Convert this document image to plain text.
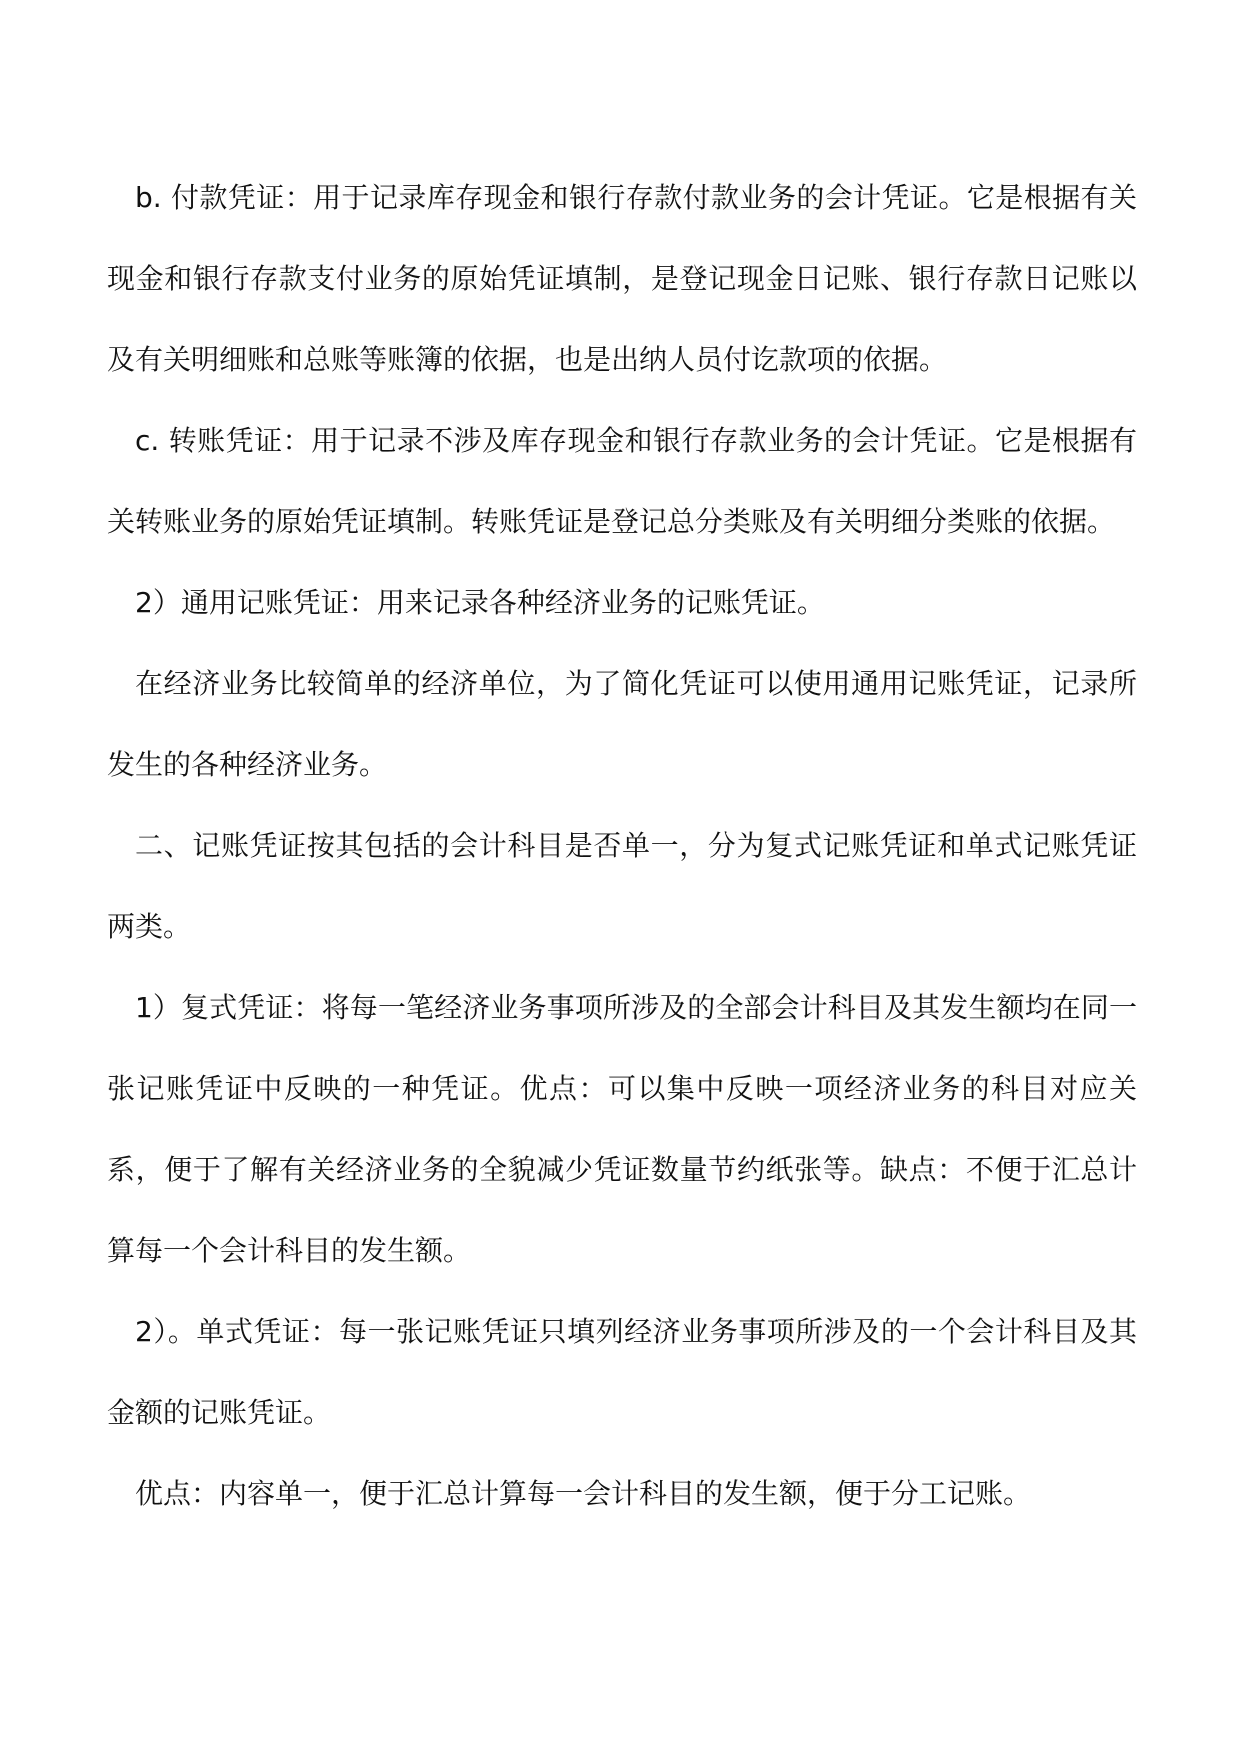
b. 付款凭证：用于记录库存现金和银行存款付款业务的会计凭证。它是根据有关现金和银行存款支付业务的原始凭证填制，是登记现金日记账、银行存款日记账以及有关明细账和总账等账簿的依据，也是出纳人员付讫款项的依据。

c. 转账凭证：用于记录不涉及库存现金和银行存款业务的会计凭证。它是根据有关转账业务的原始凭证填制。转账凭证是登记总分类账及有关明细分类账的依据。

2）通用记账凭证：用来记录各种经济业务的记账凭证。

在经济业务比较简单的经济单位，为了简化凭证可以使用通用记账凭证，记录所发生的各种经济业务。

二、记账凭证按其包括的会计科目是否单一，分为复式记账凭证和单式记账凭证两类。

1）复式凭证：将每一笔经济业务事项所涉及的全部会计科目及其发生额均在同一张记账凭证中反映的一种凭证。优点：可以集中反映一项经济业务的科目对应关系，便于了解有关经济业务的全貌减少凭证数量节约纸张等。缺点：不便于汇总计算每一个会计科目的发生额。

2）。单式凭证：每一张记账凭证只填列经济业务事项所涉及的一个会计科目及其金额的记账凭证。

优点：内容单一，便于汇总计算每一会计科目的发生额，便于分工记账。
